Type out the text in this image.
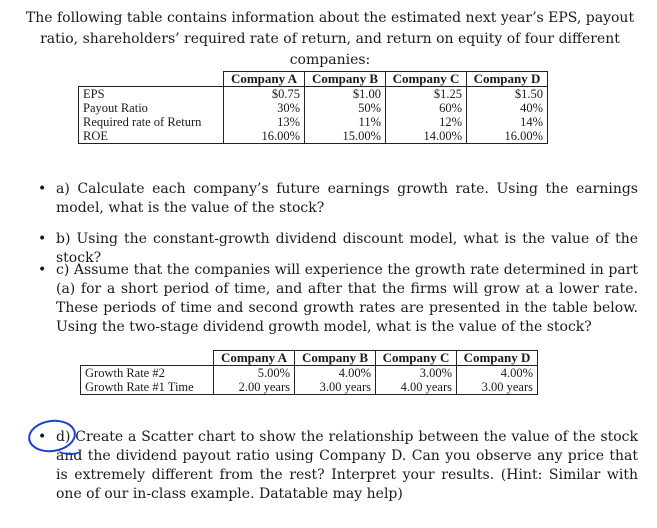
The following table contains information about the estimated next year’s EPS, payout ratio, shareholders’ required rate of return, and return on equity of four different companies:
	Company A	Company B	Company C	Company D
EPS	$0.75	$1.00	$1.25	$1.50
Payout Ratio	30%	50%	60%	40%
Required rate of Return	13%	11%	12%	14%
ROE	16.00%	15.00%	14.00%	16.00%
• a) Calculate each company’s future earnings growth rate. Using the earnings model, what is the value of the stock?
• b) Using the constant-growth dividend discount model, what is the value of the stock?
• c) Assume that the companies will experience the growth rate determined in part (a) for a short period of time, and after that the firms will grow at a lower rate. These periods of time and second growth rates are presented in the table below. Using the two-stage dividend growth model, what is the value of the stock?
	Company A	Company B	Company C	Company D
Growth Rate #2	5.00%	4.00%	3.00%	4.00%
Growth Rate #1 Time	2.00 years	3.00 years	4.00 years	3.00 years
• d) Create a Scatter chart to show the relationship between the value of the stock and the dividend payout ratio using Company D. Can you observe any price that is extremely different from the rest? Interpret your results. (Hint: Similar with one of our in-class example. Datatable may help)
